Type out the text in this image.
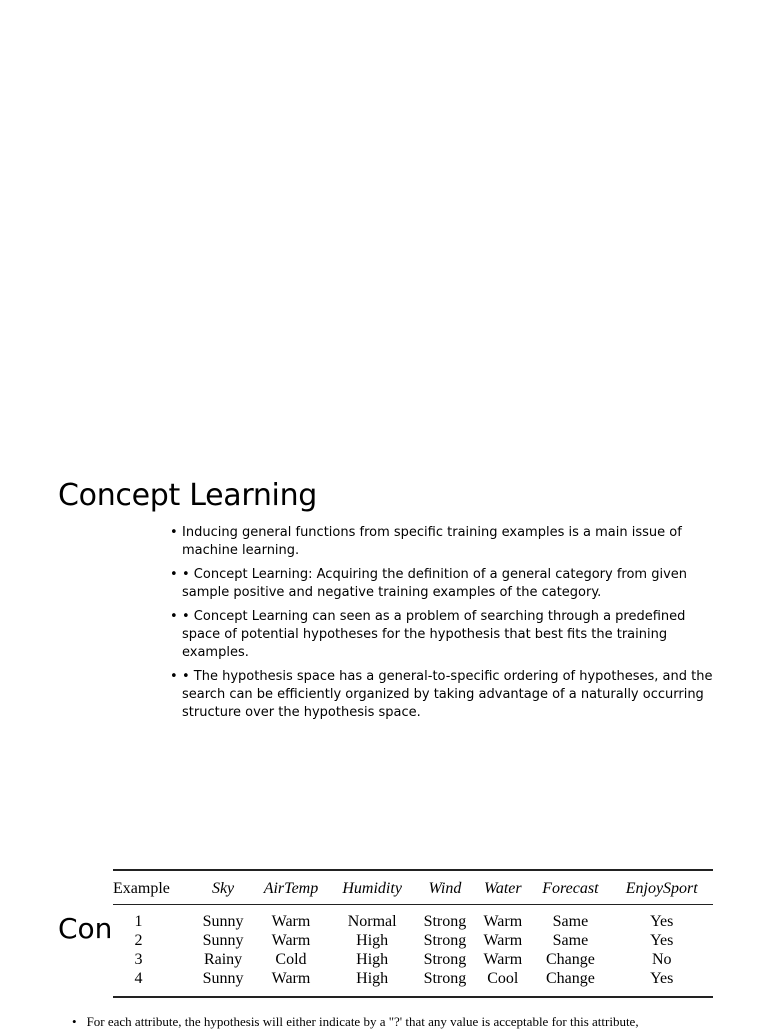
Concept Learning
• Inducing general functions from specific training examples is a main issue of machine learning.
• • Concept Learning: Acquiring the definition of a general category from given sample positive and negative training examples of the category.
• • Concept Learning can seen as a problem of searching through a predefined space of potential hypotheses for the hypothesis that best fits the training examples.
• • The hypothesis space has a general-to-specific ordering of hypotheses, and the search can be efficiently organized by taking advantage of a naturally occurring structure over the hypothesis space.
Con
Example	Sky	AirTemp	Humidity	Wind	Water	Forecast	EnjoySport
1	Sunny	Warm	Normal	Strong	Warm	Same	Yes
2	Sunny	Warm	High	Strong	Warm	Same	Yes
3	Rainy	Cold	High	Strong	Warm	Change	No
4	Sunny	Warm	High	Strong	Cool	Change	Yes
• For each attribute, the hypothesis will either indicate by a "?' that any value is acceptable for this attribute,
